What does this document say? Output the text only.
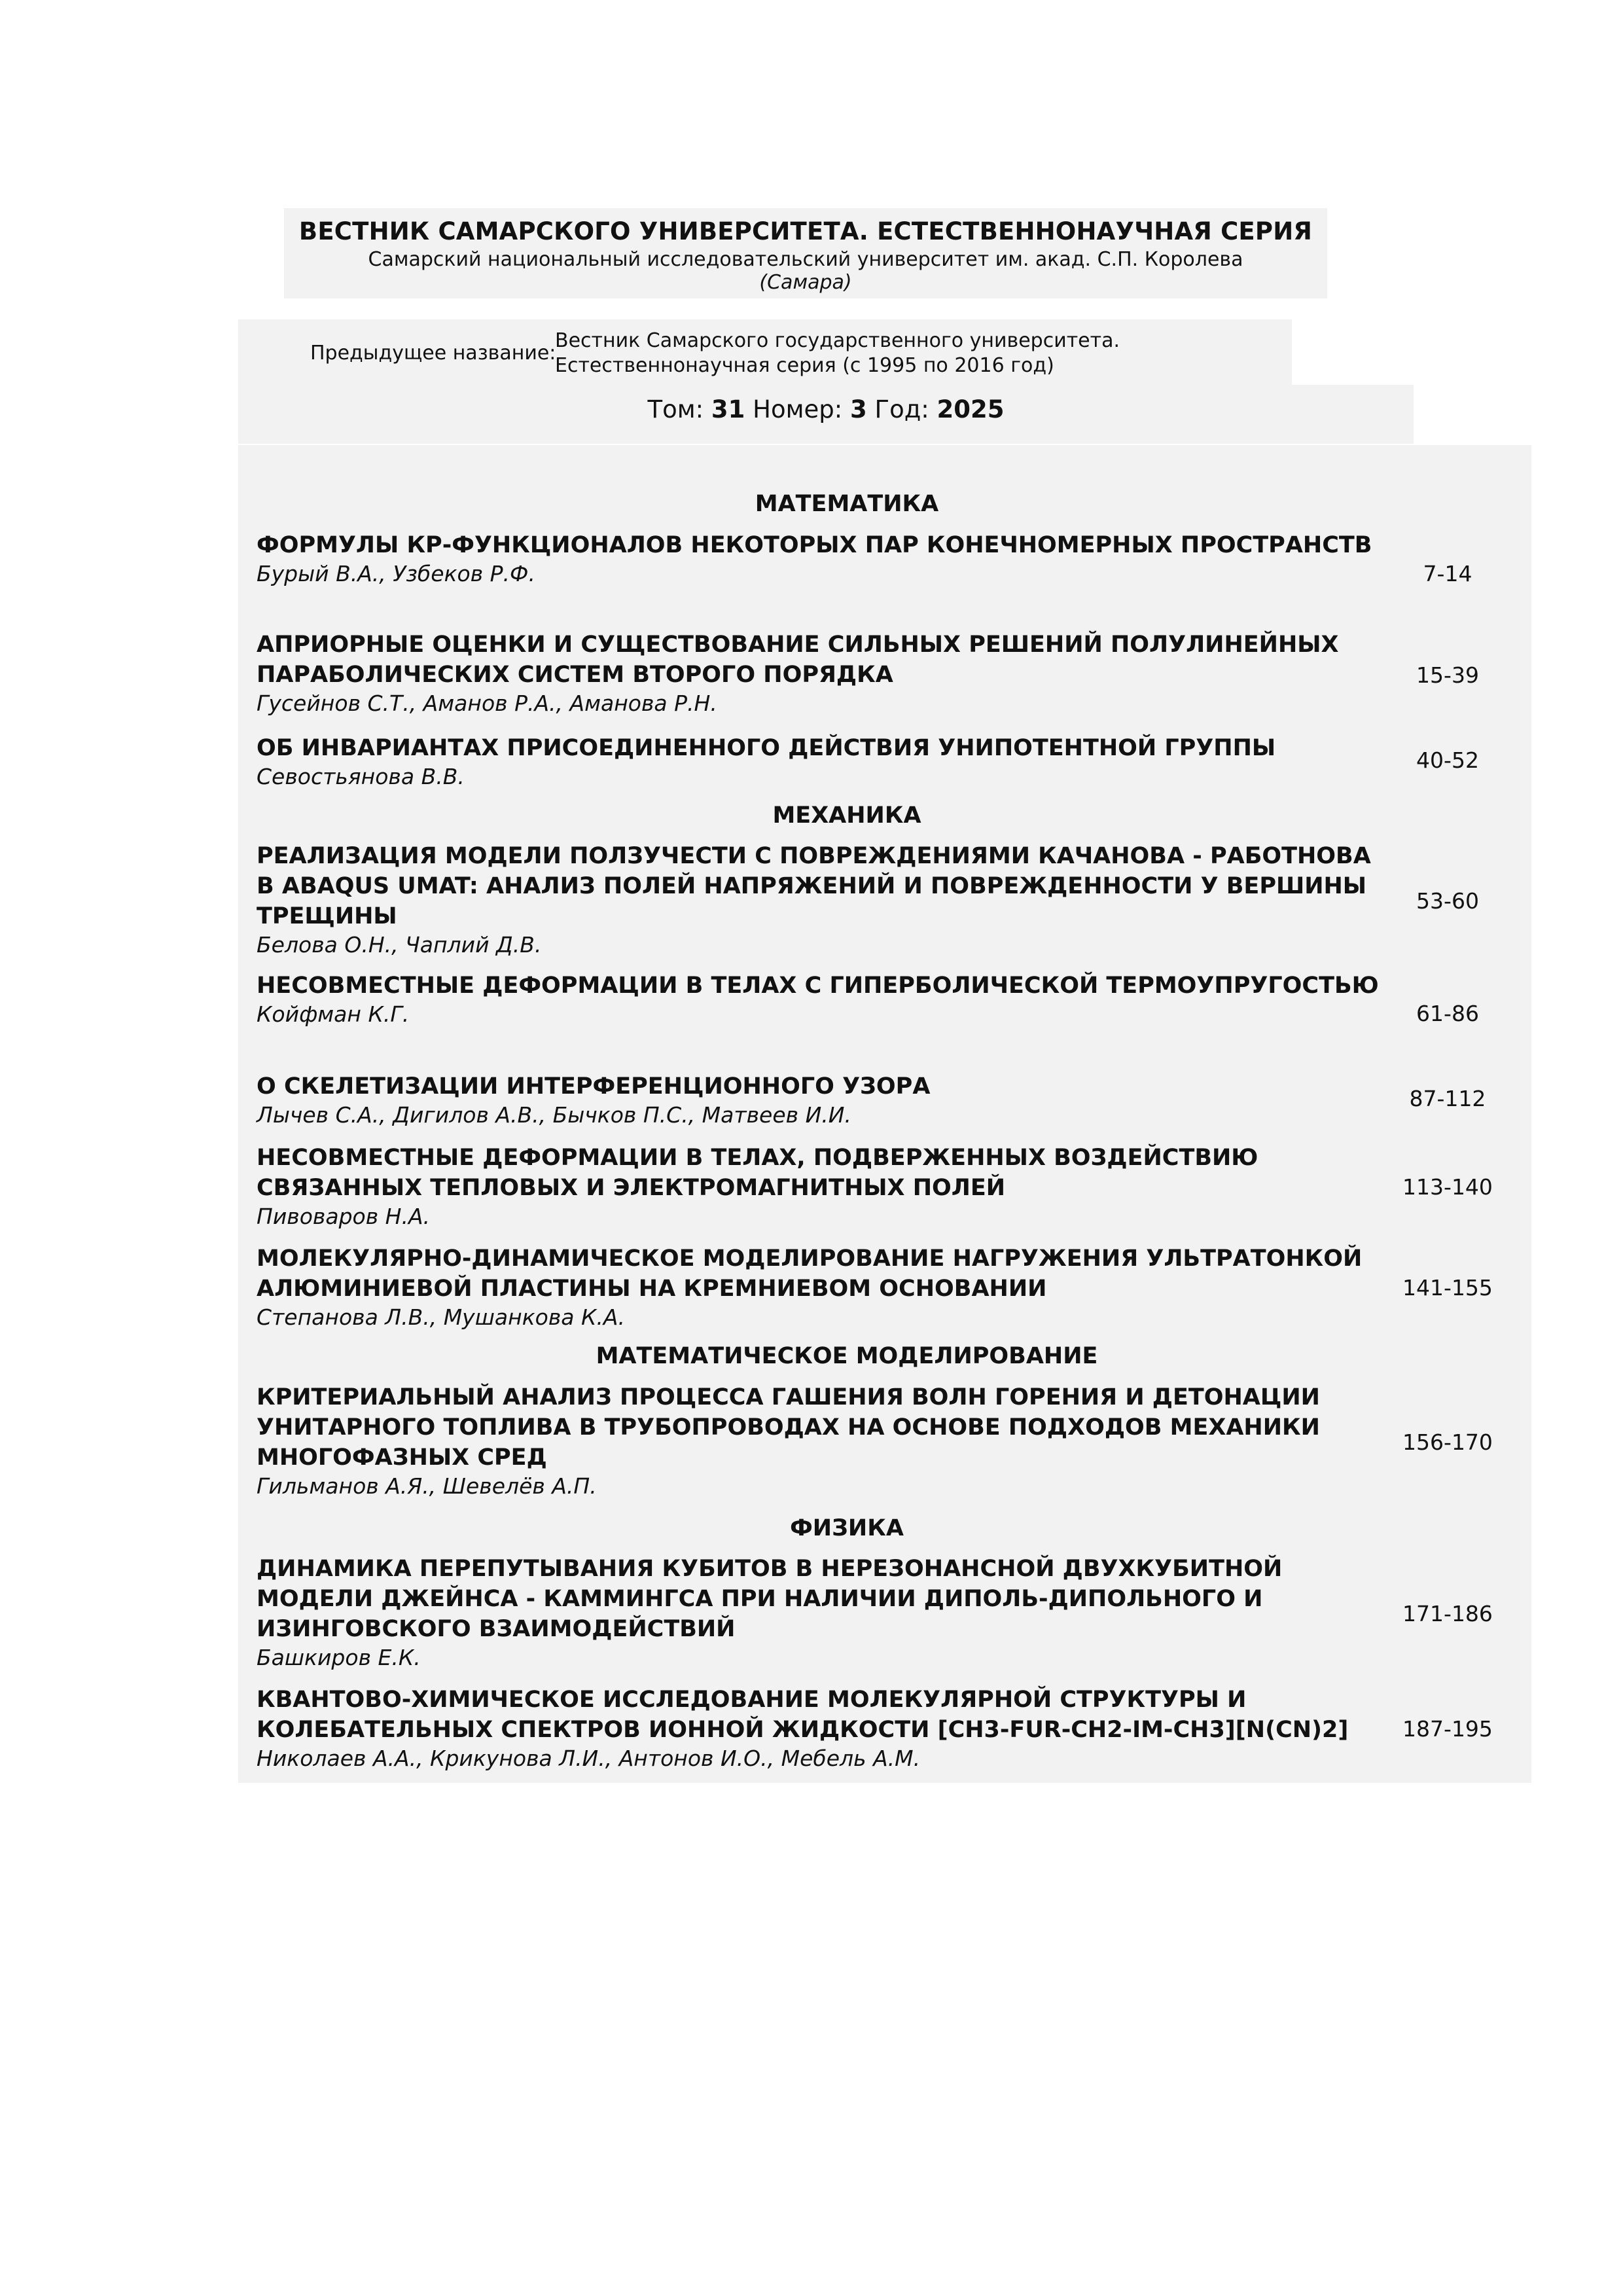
ВЕСТНИК САМАРСКОГО УНИВЕРСИТЕТА. ЕСТЕСТВЕННОНАУЧНАЯ СЕРИЯ
Самарский национальный исследовательский университет им. акад. С.П. Королева
(Самара)
Предыдущее название:
Вестник Самарского государственного университета.
Естественнонаучная серия (с 1995 по 2016 год)
Том: 31 Номер: 3 Год: 2025
МАТЕМАТИКА
ФОРМУЛЫ КР-ФУНКЦИОНАЛОВ НЕКОТОРЫХ ПАР КОНЕЧНОМЕРНЫХ ПРОСТРАНСТВ
Бурый В.А., Узбеков Р.Ф.	7-14
АПРИОРНЫЕ ОЦЕНКИ И СУЩЕСТВОВАНИЕ СИЛЬНЫХ РЕШЕНИЙ ПОЛУЛИНЕЙНЫХ ПАРАБОЛИЧЕСКИХ СИСТЕМ ВТОРОГО ПОРЯДКА
Гусейнов С.Т., Аманов Р.А., Аманова Р.Н.
15-39
ОБ ИНВАРИАНТАХ ПРИСОЕДИНЕННОГО ДЕЙСТВИЯ УНИПОТЕНТНОЙ ГРУППЫ
Севостьянова В.В.
40-52
МЕХАНИКА
РЕАЛИЗАЦИЯ МОДЕЛИ ПОЛЗУЧЕСТИ С ПОВРЕЖДЕНИЯМИ КАЧАНОВА - РАБОТНОВА В ABAQUS UMAT: АНАЛИЗ ПОЛЕЙ НАПРЯЖЕНИЙ И ПОВРЕЖДЕННОСТИ У ВЕРШИНЫ ТРЕЩИНЫ
Белова О.Н., Чаплий Д.В.
53-60
НЕСОВМЕСТНЫЕ ДЕФОРМАЦИИ В ТЕЛАХ С ГИПЕРБОЛИЧЕСКОЙ ТЕРМОУПРУГОСТЬЮ
Койфман К.Г.	61-86
О СКЕЛЕТИЗАЦИИ ИНТЕРФЕРЕНЦИОННОГО УЗОРА
Лычев С.А., Дигилов А.В., Бычков П.С., Матвеев И.И.
87-112
НЕСОВМЕСТНЫЕ ДЕФОРМАЦИИ В ТЕЛАХ, ПОДВЕРЖЕННЫХ ВОЗДЕЙСТВИЮ СВЯЗАННЫХ ТЕПЛОВЫХ И ЭЛЕКТРОМАГНИТНЫХ ПОЛЕЙ
Пивоваров Н.А.
113-140
МОЛЕКУЛЯРНО-ДИНАМИЧЕСКОЕ МОДЕЛИРОВАНИЕ НАГРУЖЕНИЯ УЛЬТРАТОНКОЙ АЛЮМИНИЕВОЙ ПЛАСТИНЫ НА КРЕМНИЕВОМ ОСНОВАНИИ
Степанова Л.В., Мушанкова К.А.
141-155
МАТЕМАТИЧЕСКОЕ МОДЕЛИРОВАНИЕ
КРИТЕРИАЛЬНЫЙ АНАЛИЗ ПРОЦЕССА ГАШЕНИЯ ВОЛН ГОРЕНИЯ И ДЕТОНАЦИИ УНИТАРНОГО ТОПЛИВА В ТРУБОПРОВОДАХ НА ОСНОВЕ ПОДХОДОВ МЕХАНИКИ МНОГОФАЗНЫХ СРЕД
Гильманов А.Я., Шевелёв А.П.
156-170
ФИЗИКА
ДИНАМИКА ПЕРЕПУТЫВАНИЯ КУБИТОВ В НЕРЕЗОНАНСНОЙ ДВУХКУБИТНОЙ МОДЕЛИ ДЖЕЙНСА - КАММИНГСА ПРИ НАЛИЧИИ ДИПОЛЬ-ДИПОЛЬНОГО И ИЗИНГОВСКОГО ВЗАИМОДЕЙСТВИЙ
Башкиров Е.К.
171-186
КВАНТОВО-ХИМИЧЕСКОЕ ИССЛЕДОВАНИЕ МОЛЕКУЛЯРНОЙ СТРУКТУРЫ И КОЛЕБАТЕЛЬНЫХ СПЕКТРОВ ИОННОЙ ЖИДКОСТИ [CH3-FUR-CH2-IM-CH3][N(CN)2]
Николаев А.А., Крикунова Л.И., Антонов И.О., Мебель А.М.
187-195
